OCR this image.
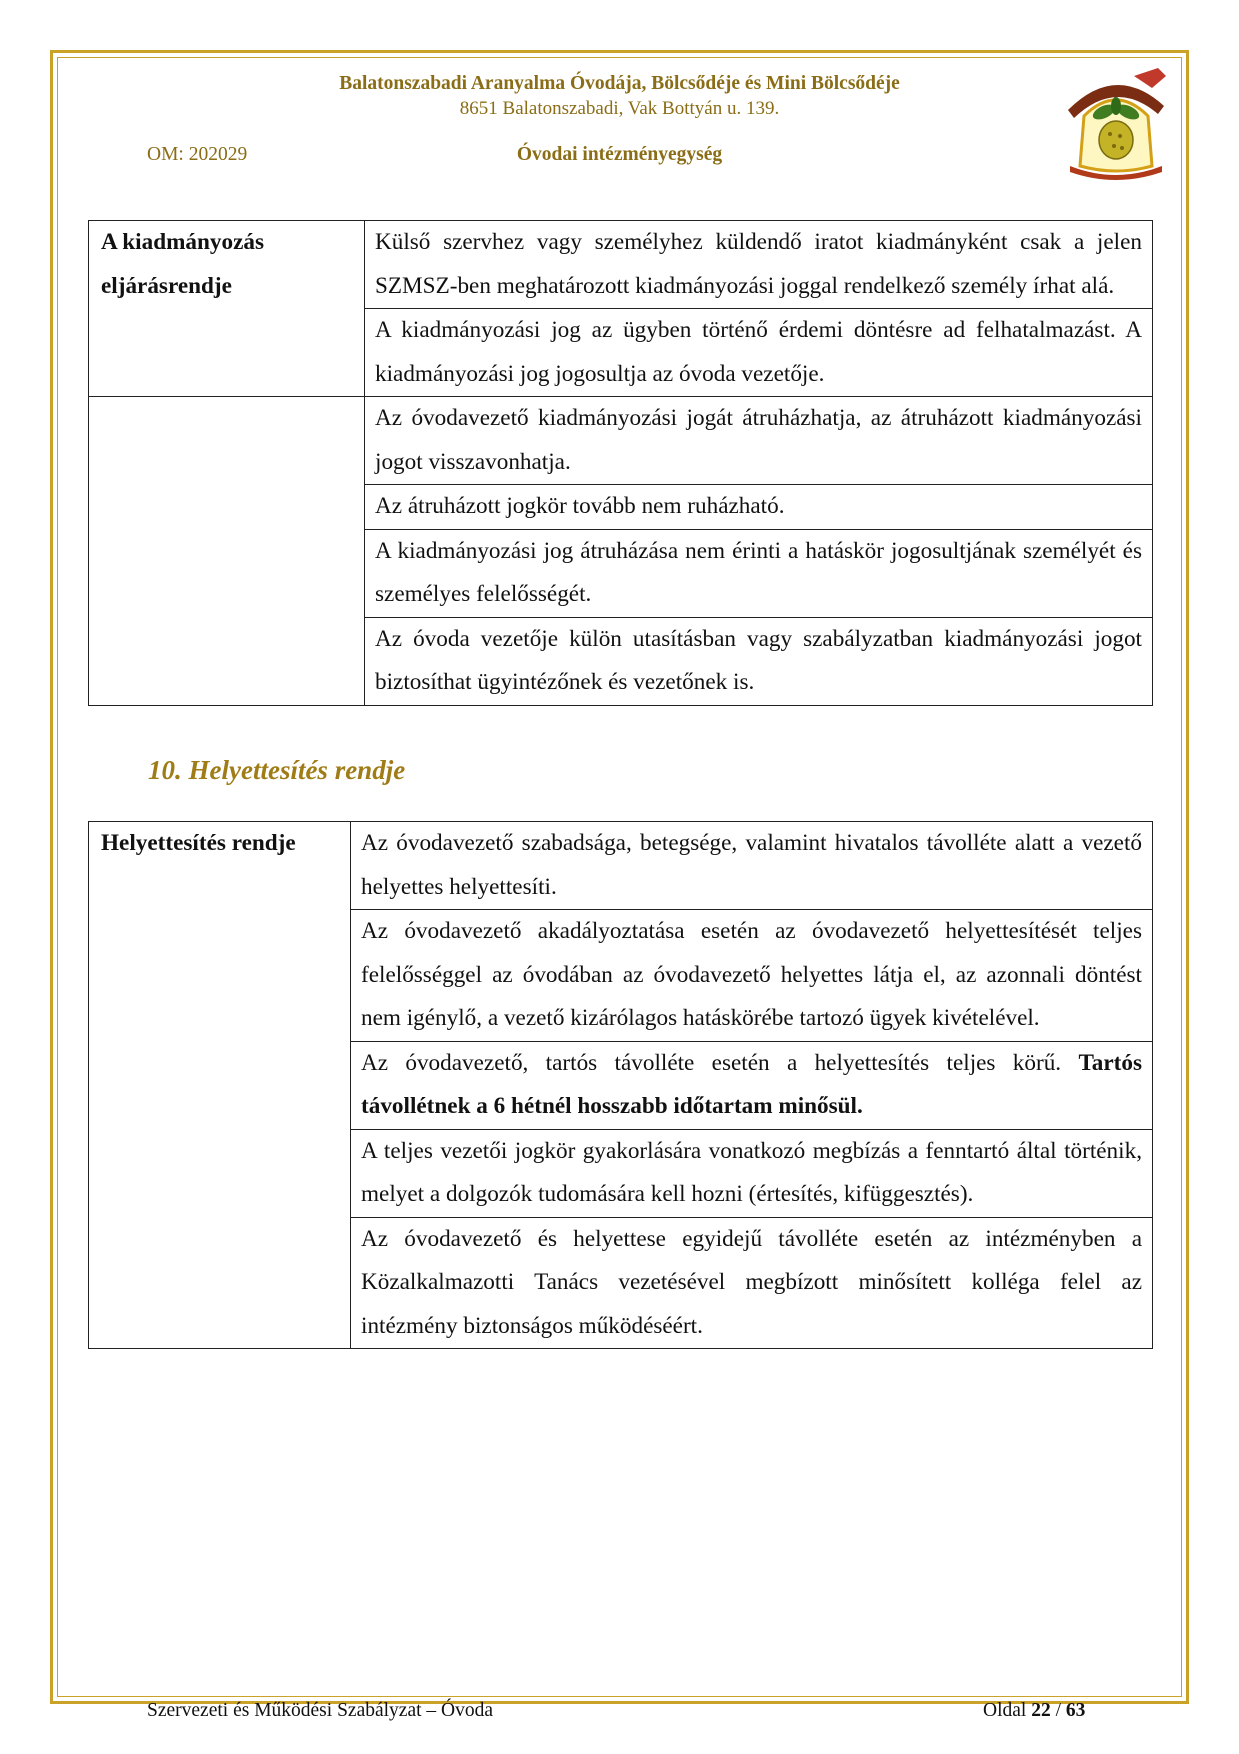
Balatonszabadi Aranyalma Óvodája, Bölcsődéje és Mini Bölcsődéje
8651 Balatonszabadi, Vak Bottyán u. 139.
OM: 202029	Óvodai intézményegység
A kiadmányozás eljárásrendje	Külső szervhez vagy személyhez küldendő iratot kiadmányként csak a jelen SZMSZ-ben meghatározott kiadmányozási joggal rendelkező személy írhat alá.
	A kiadmányozási jog az ügyben történő érdemi döntésre ad felhatalmazást. A kiadmányozási jog jogosultja az óvoda vezetője.
	Az óvodavezető kiadmányozási jogát átruházhatja, az átruházott kiadmányozási jogot visszavonhatja.
	Az átruházott jogkör tovább nem ruházható.
	A kiadmányozási jog átruházása nem érinti a hatáskör jogosultjának személyét és személyes felelősségét.
	Az óvoda vezetője külön utasításban vagy szabályzatban kiadmányozási jogot biztosíthat ügyintézőnek és vezetőnek is.
10. Helyettesítés rendje
Helyettesítés rendje	Az óvodavezető szabadsága, betegsége, valamint hivatalos távolléte alatt a vezető helyettes helyettesíti.
Az óvodavezető akadályoztatása esetén az óvodavezető helyettesítését teljes felelősséggel az óvodában az óvodavezető helyettes látja el, az azonnali döntést nem igénylő, a vezető kizárólagos hatáskörébe tartozó ügyek kivételével.
Az óvodavezető, tartós távolléte esetén a helyettesítés teljes körű. Tartós távollétnek a 6 hétnél hosszabb időtartam minősül.
A teljes vezetői jogkör gyakorlására vonatkozó megbízás a fenntartó által történik, melyet a dolgozók tudomására kell hozni (értesítés, kifüggesztés).
Az óvodavezető és helyettese egyidejű távolléte esetén az intézményben a Közalkalmazotti Tanács vezetésével megbízott minősített kolléga felel az intézmény biztonságos működéséért.
Szervezeti és Működési Szabályzat – Óvoda	Oldal 22 / 63
